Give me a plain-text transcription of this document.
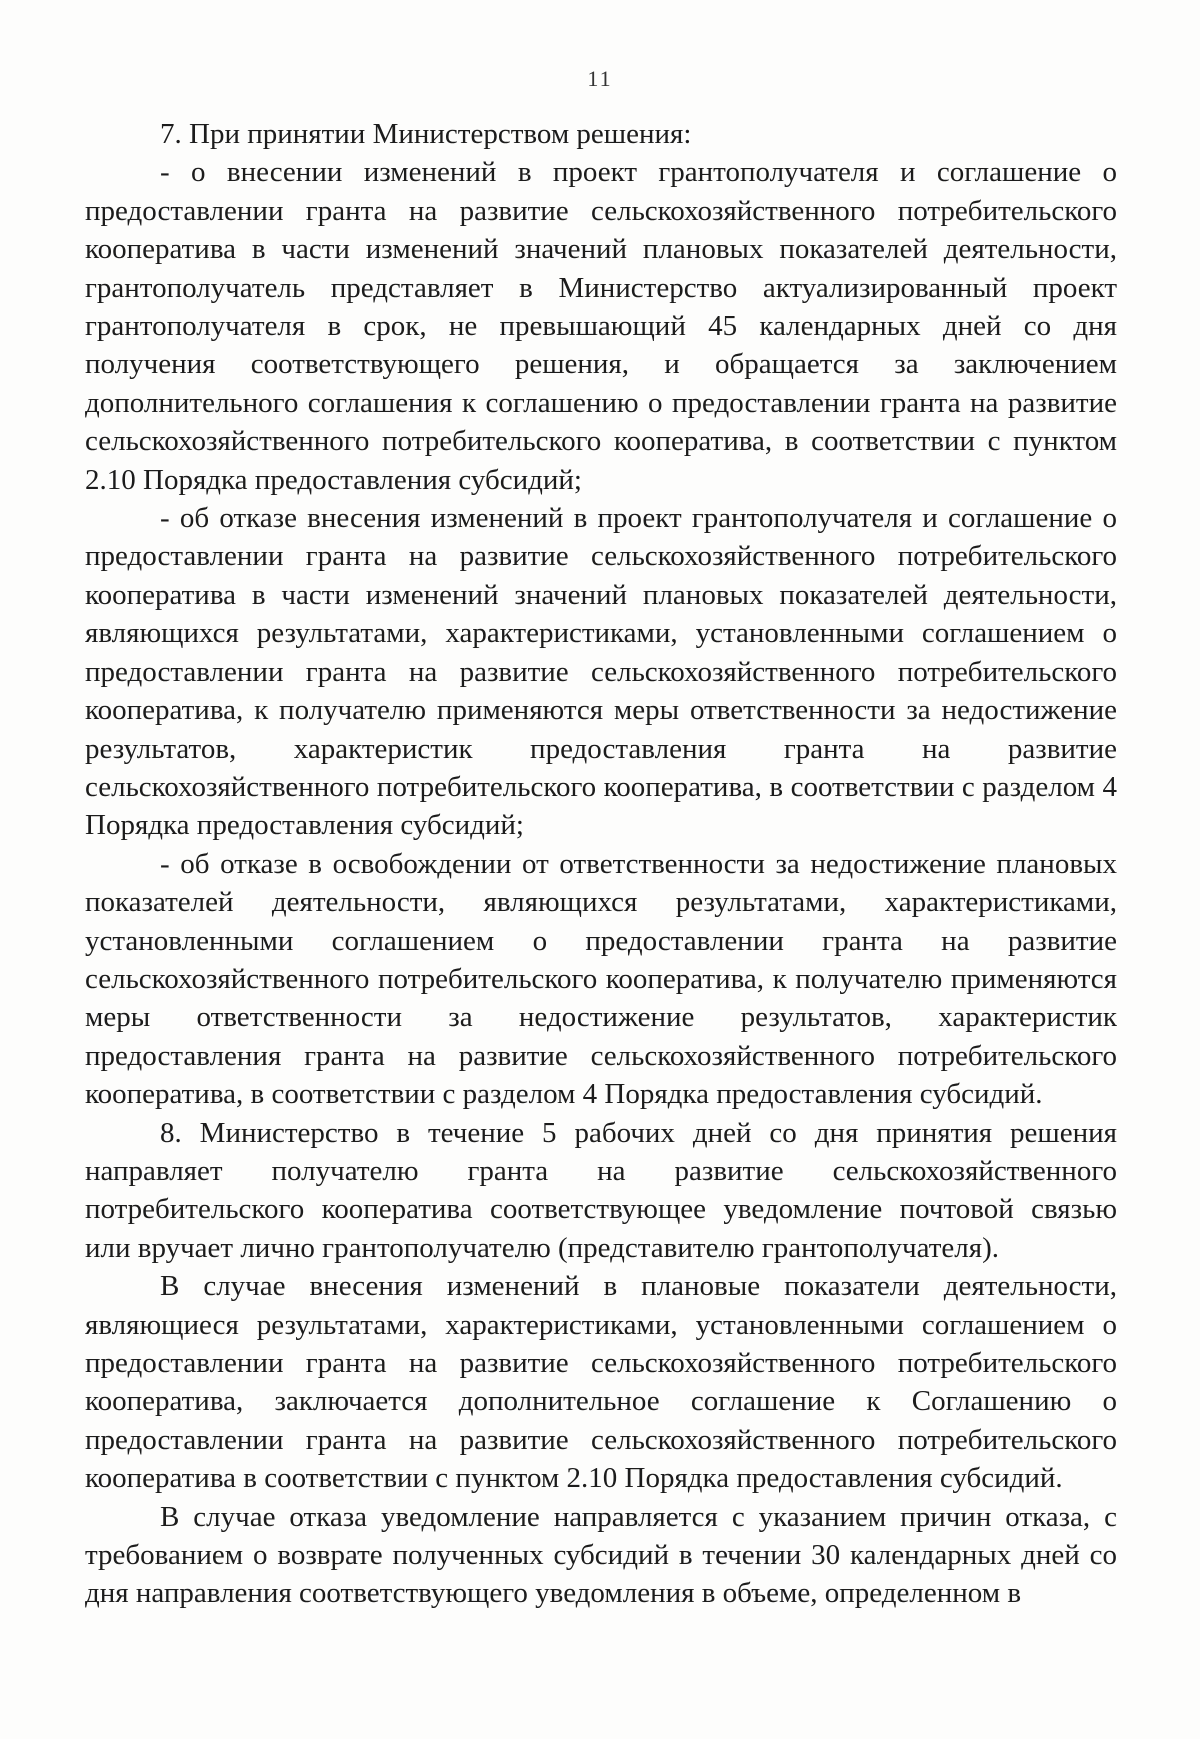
11

7. При принятии Министерством решения:

- о внесении изменений в проект грантополучателя и соглашение о предоставлении гранта на развитие сельскохозяйственного потребительского кооператива в части изменений значений плановых показателей деятельности, грантополучатель представляет в Министерство актуализированный проект грантополучателя в срок, не превышающий 45 календарных дней со дня получения соответствующего решения, и обращается за заключением дополнительного соглашения к соглашению о предоставлении гранта на развитие сельскохозяйственного потребительского кооператива, в соответствии с пунктом 2.10 Порядка предоставления субсидий;

- об отказе внесения изменений в проект грантополучателя и соглашение о предоставлении гранта на развитие сельскохозяйственного потребительского кооператива в части изменений значений плановых показателей деятельности, являющихся результатами, характеристиками, установленными соглашением о предоставлении гранта на развитие сельскохозяйственного потребительского кооператива, к получателю применяются меры ответственности за недостижение результатов, характеристик предоставления гранта на развитие сельскохозяйственного потребительского кооператива, в соответствии с разделом 4 Порядка предоставления субсидий;

- об отказе в освобождении от ответственности за недостижение плановых показателей деятельности, являющихся результатами, характеристиками, установленными соглашением о предоставлении гранта на развитие сельскохозяйственного потребительского кооператива, к получателю применяются меры ответственности за недостижение результатов, характеристик предоставления гранта на развитие сельскохозяйственного потребительского кооператива, в соответствии с разделом 4 Порядка предоставления субсидий.

8. Министерство в течение 5 рабочих дней со дня принятия решения направляет получателю гранта на развитие сельскохозяйственного потребительского кооператива соответствующее уведомление почтовой связью или вручает лично грантополучателю (представителю грантополучателя).

В случае внесения изменений в плановые показатели деятельности, являющиеся результатами, характеристиками, установленными соглашением о предоставлении гранта на развитие сельскохозяйственного потребительского кооператива, заключается дополнительное соглашение к Соглашению о предоставлении гранта на развитие сельскохозяйственного потребительского кооператива в соответствии с пунктом 2.10 Порядка предоставления субсидий.

В случае отказа уведомление направляется с указанием причин отказа, с требованием о возврате полученных субсидий в течении 30 календарных дней со дня направления соответствующего уведомления в объеме, определенном в
